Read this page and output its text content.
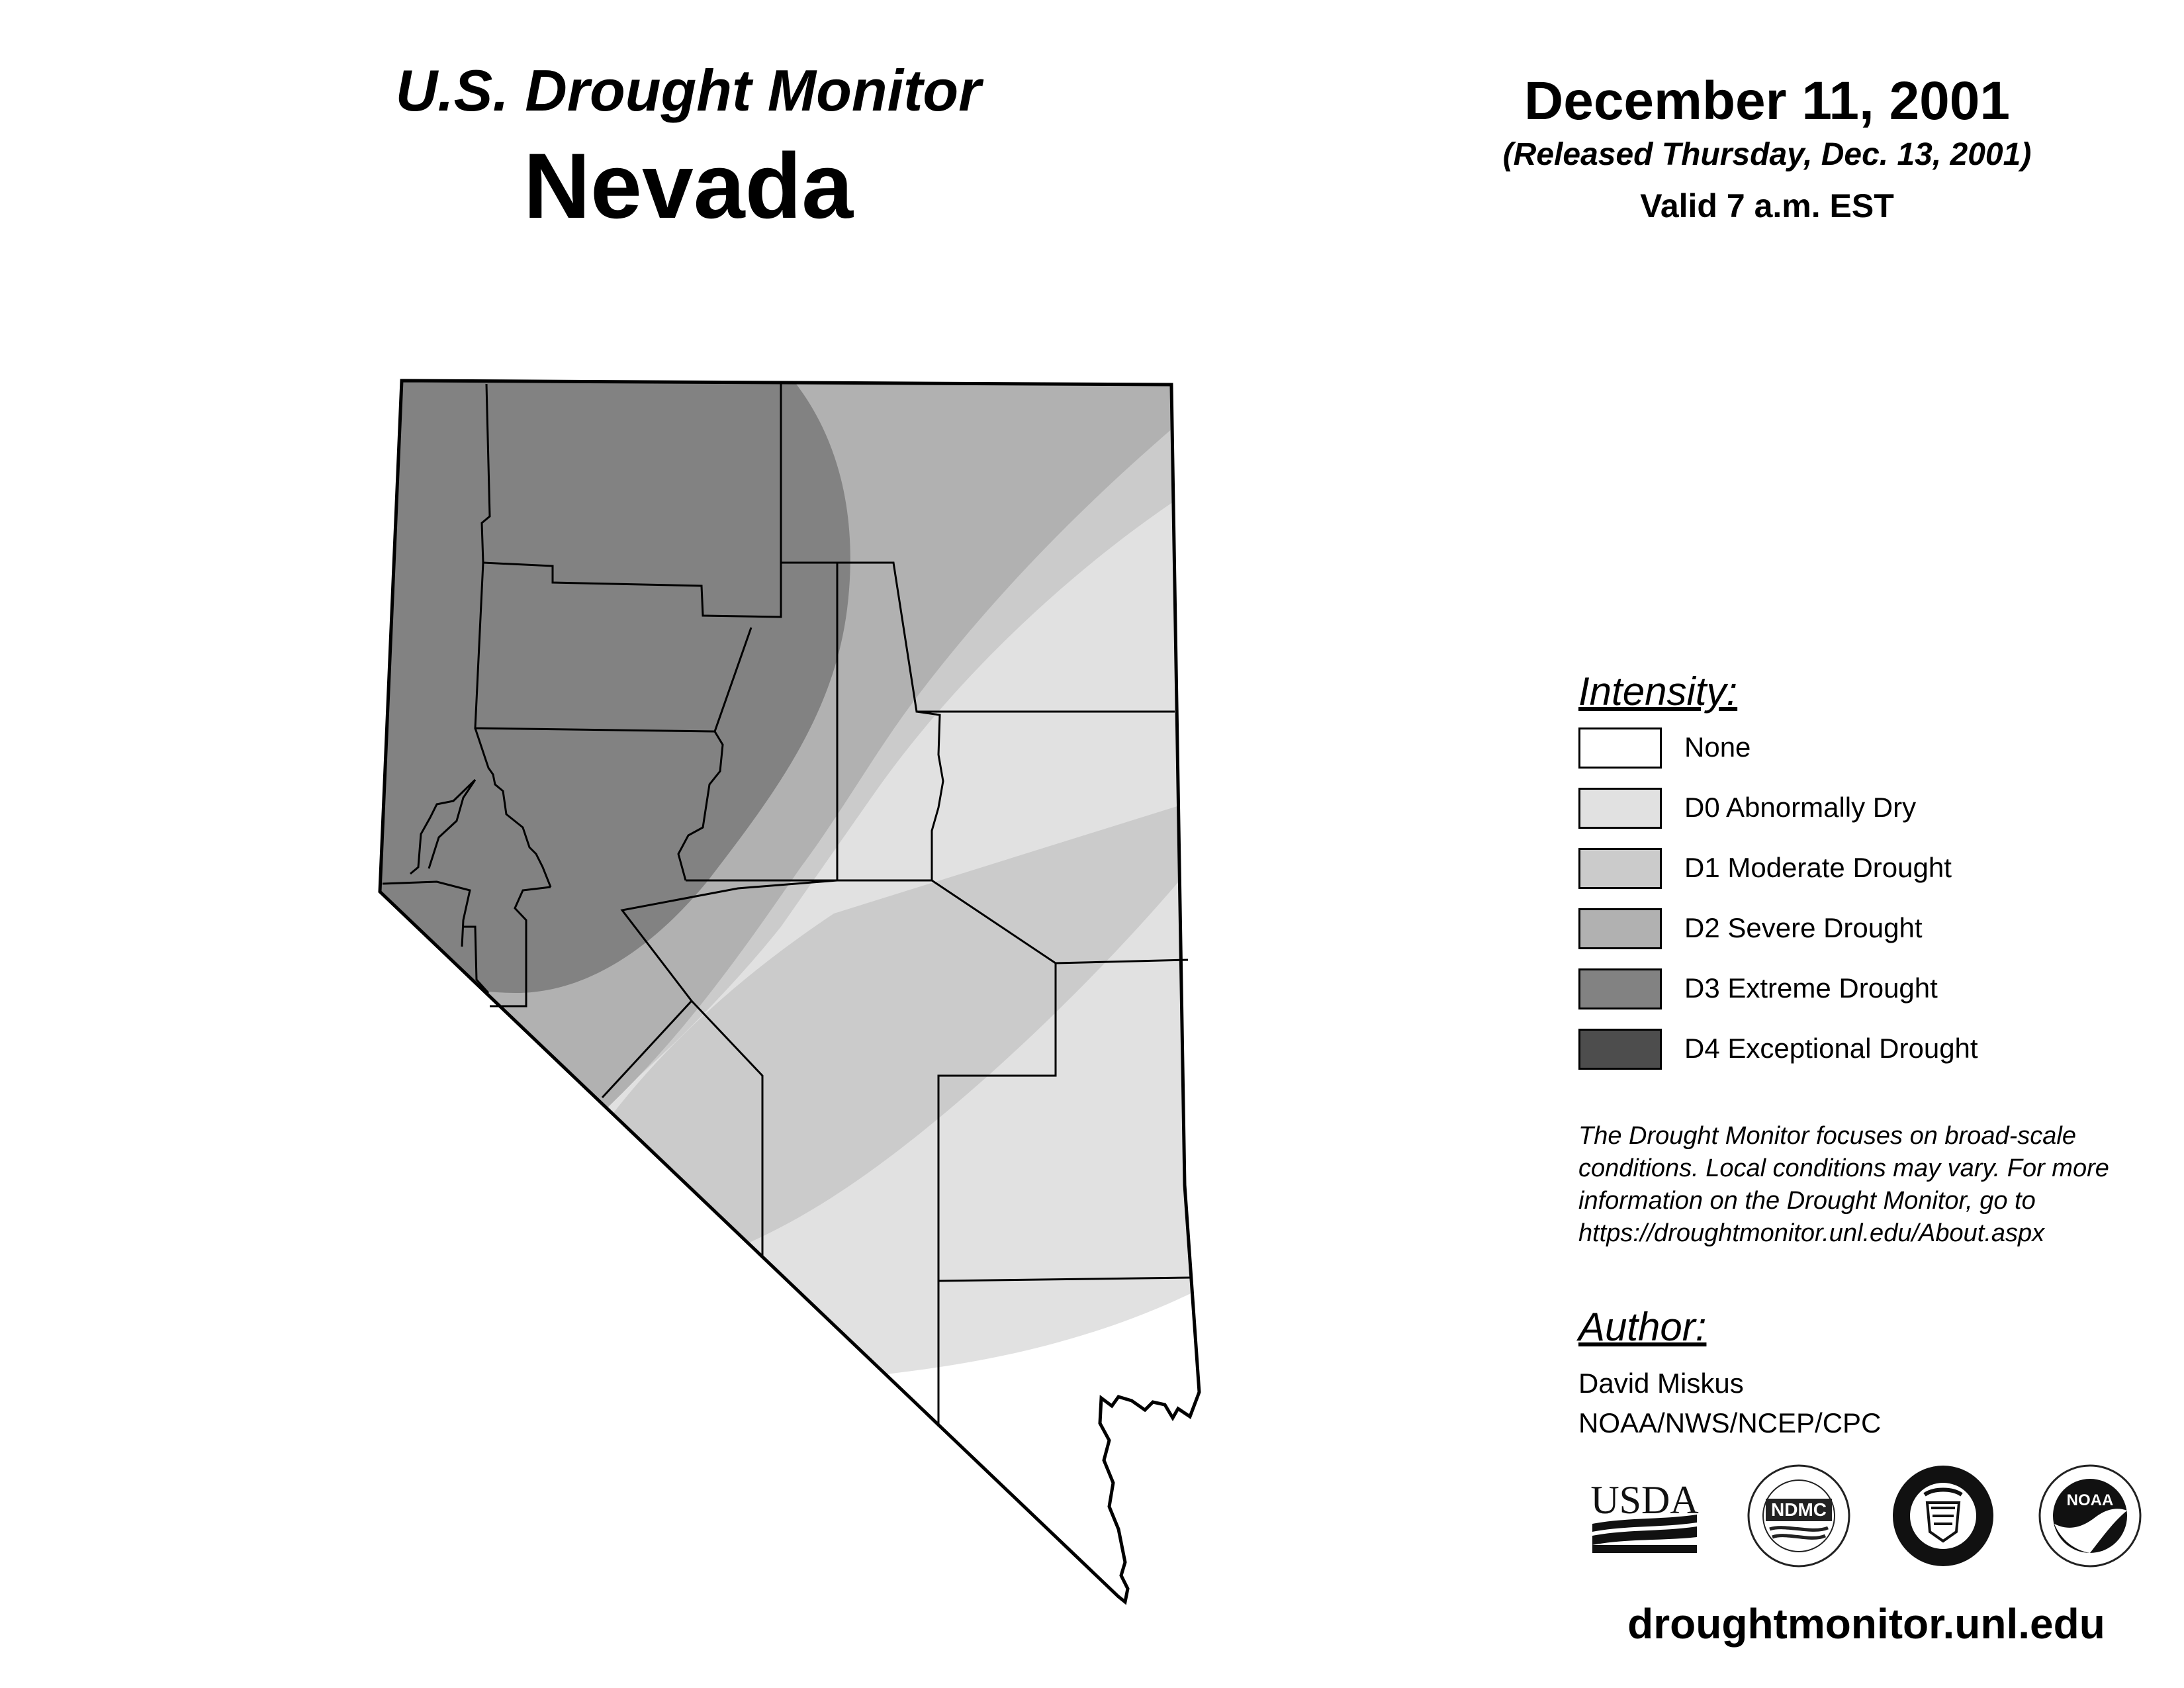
U.S. Drought Monitor
Nevada
December 11, 2001
(Released Thursday, Dec. 13, 2001)
Valid 7 a.m. EST
Intensity:
None
D0 Abnormally Dry
D1 Moderate Drought
D2 Severe Drought
D3 Extreme Drought
D4 Exceptional Drought
The Drought Monitor focuses on broad-scale
conditions. Local conditions may vary. For more
information on the Drought Monitor, go to
https://droughtmonitor.unl.edu/About.aspx
Author:
David Miskus
NOAA/NWS/NCEP/CPC
USDA	NDMC	NOAA
droughtmonitor.unl.edu
